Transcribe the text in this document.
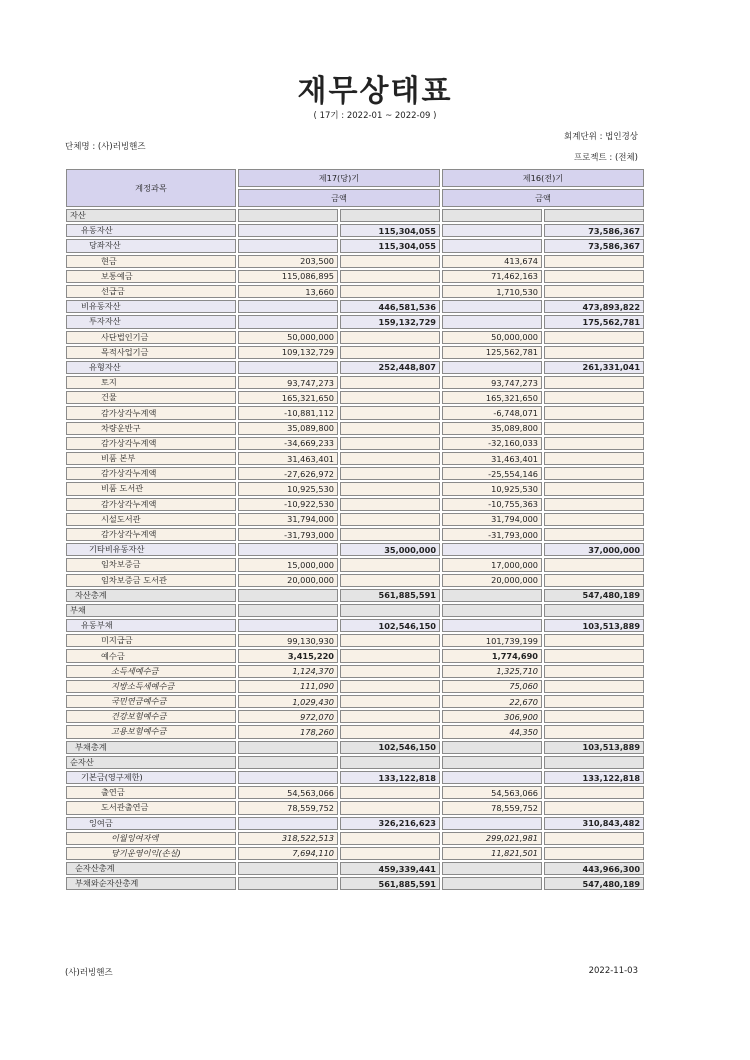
재무상태표
( 17기 : 2022-01 ~ 2022-09 )
회계단위 : 법인경상
단체명 : (사)러빙핸즈
프로젝트 : (전체)
계정과목	제17(당)기		제16(전)기	
	금액		금액	
자산				
유동자산		115,304,055		73,586,367
당좌자산		115,304,055		73,586,367
현금	203,500		413,674	
보통예금	115,086,895		71,462,163	
선급금	13,660		1,710,530	
비유동자산		446,581,536		473,893,822
투자자산		159,132,729		175,562,781
사단법인기금	50,000,000		50,000,000	
목적사업기금	109,132,729		125,562,781	
유형자산		252,448,807		261,331,041
토지	93,747,273		93,747,273	
건물	165,321,650		165,321,650	
감가상각누계액	-10,881,112		-6,748,071	
차량운반구	35,089,800		35,089,800	
감가상각누계액	-34,669,233		-32,160,033	
비품 본부	31,463,401		31,463,401	
감가상각누계액	-27,626,972		-25,554,146	
비품 도서관	10,925,530		10,925,530	
감가상각누계액	-10,922,530		-10,755,363	
시설도서관	31,794,000		31,794,000	
감가상각누계액	-31,793,000		-31,793,000	
기타비유동자산		35,000,000		37,000,000
임차보증금	15,000,000		17,000,000	
임차보증금 도서관	20,000,000		20,000,000	
자산총계		561,885,591		547,480,189
부채				
유동부채		102,546,150		103,513,889
미지급금	99,130,930		101,739,199	
예수금	3,415,220		1,774,690	
소득세예수금	1,124,370		1,325,710	
지방소득세예수금	111,090		75,060	
국민연금예수금	1,029,430		22,670	
건강보험예수금	972,070		306,900	
고용보험예수금	178,260		44,350	
부채총계		102,546,150		103,513,889
순자산				
기본금(영구제한)		133,122,818		133,122,818
출연금	54,563,066		54,563,066	
도서관출연금	78,559,752		78,559,752	
잉여금		326,216,623		310,843,482
이월잉여자액	318,522,513		299,021,981	
당기운영이익(손실)	7,694,110		11,821,501	
순자산총계		459,339,441		443,966,300
부채와순자산총계		561,885,591		547,480,189
(사)러빙핸즈	2022-11-03
